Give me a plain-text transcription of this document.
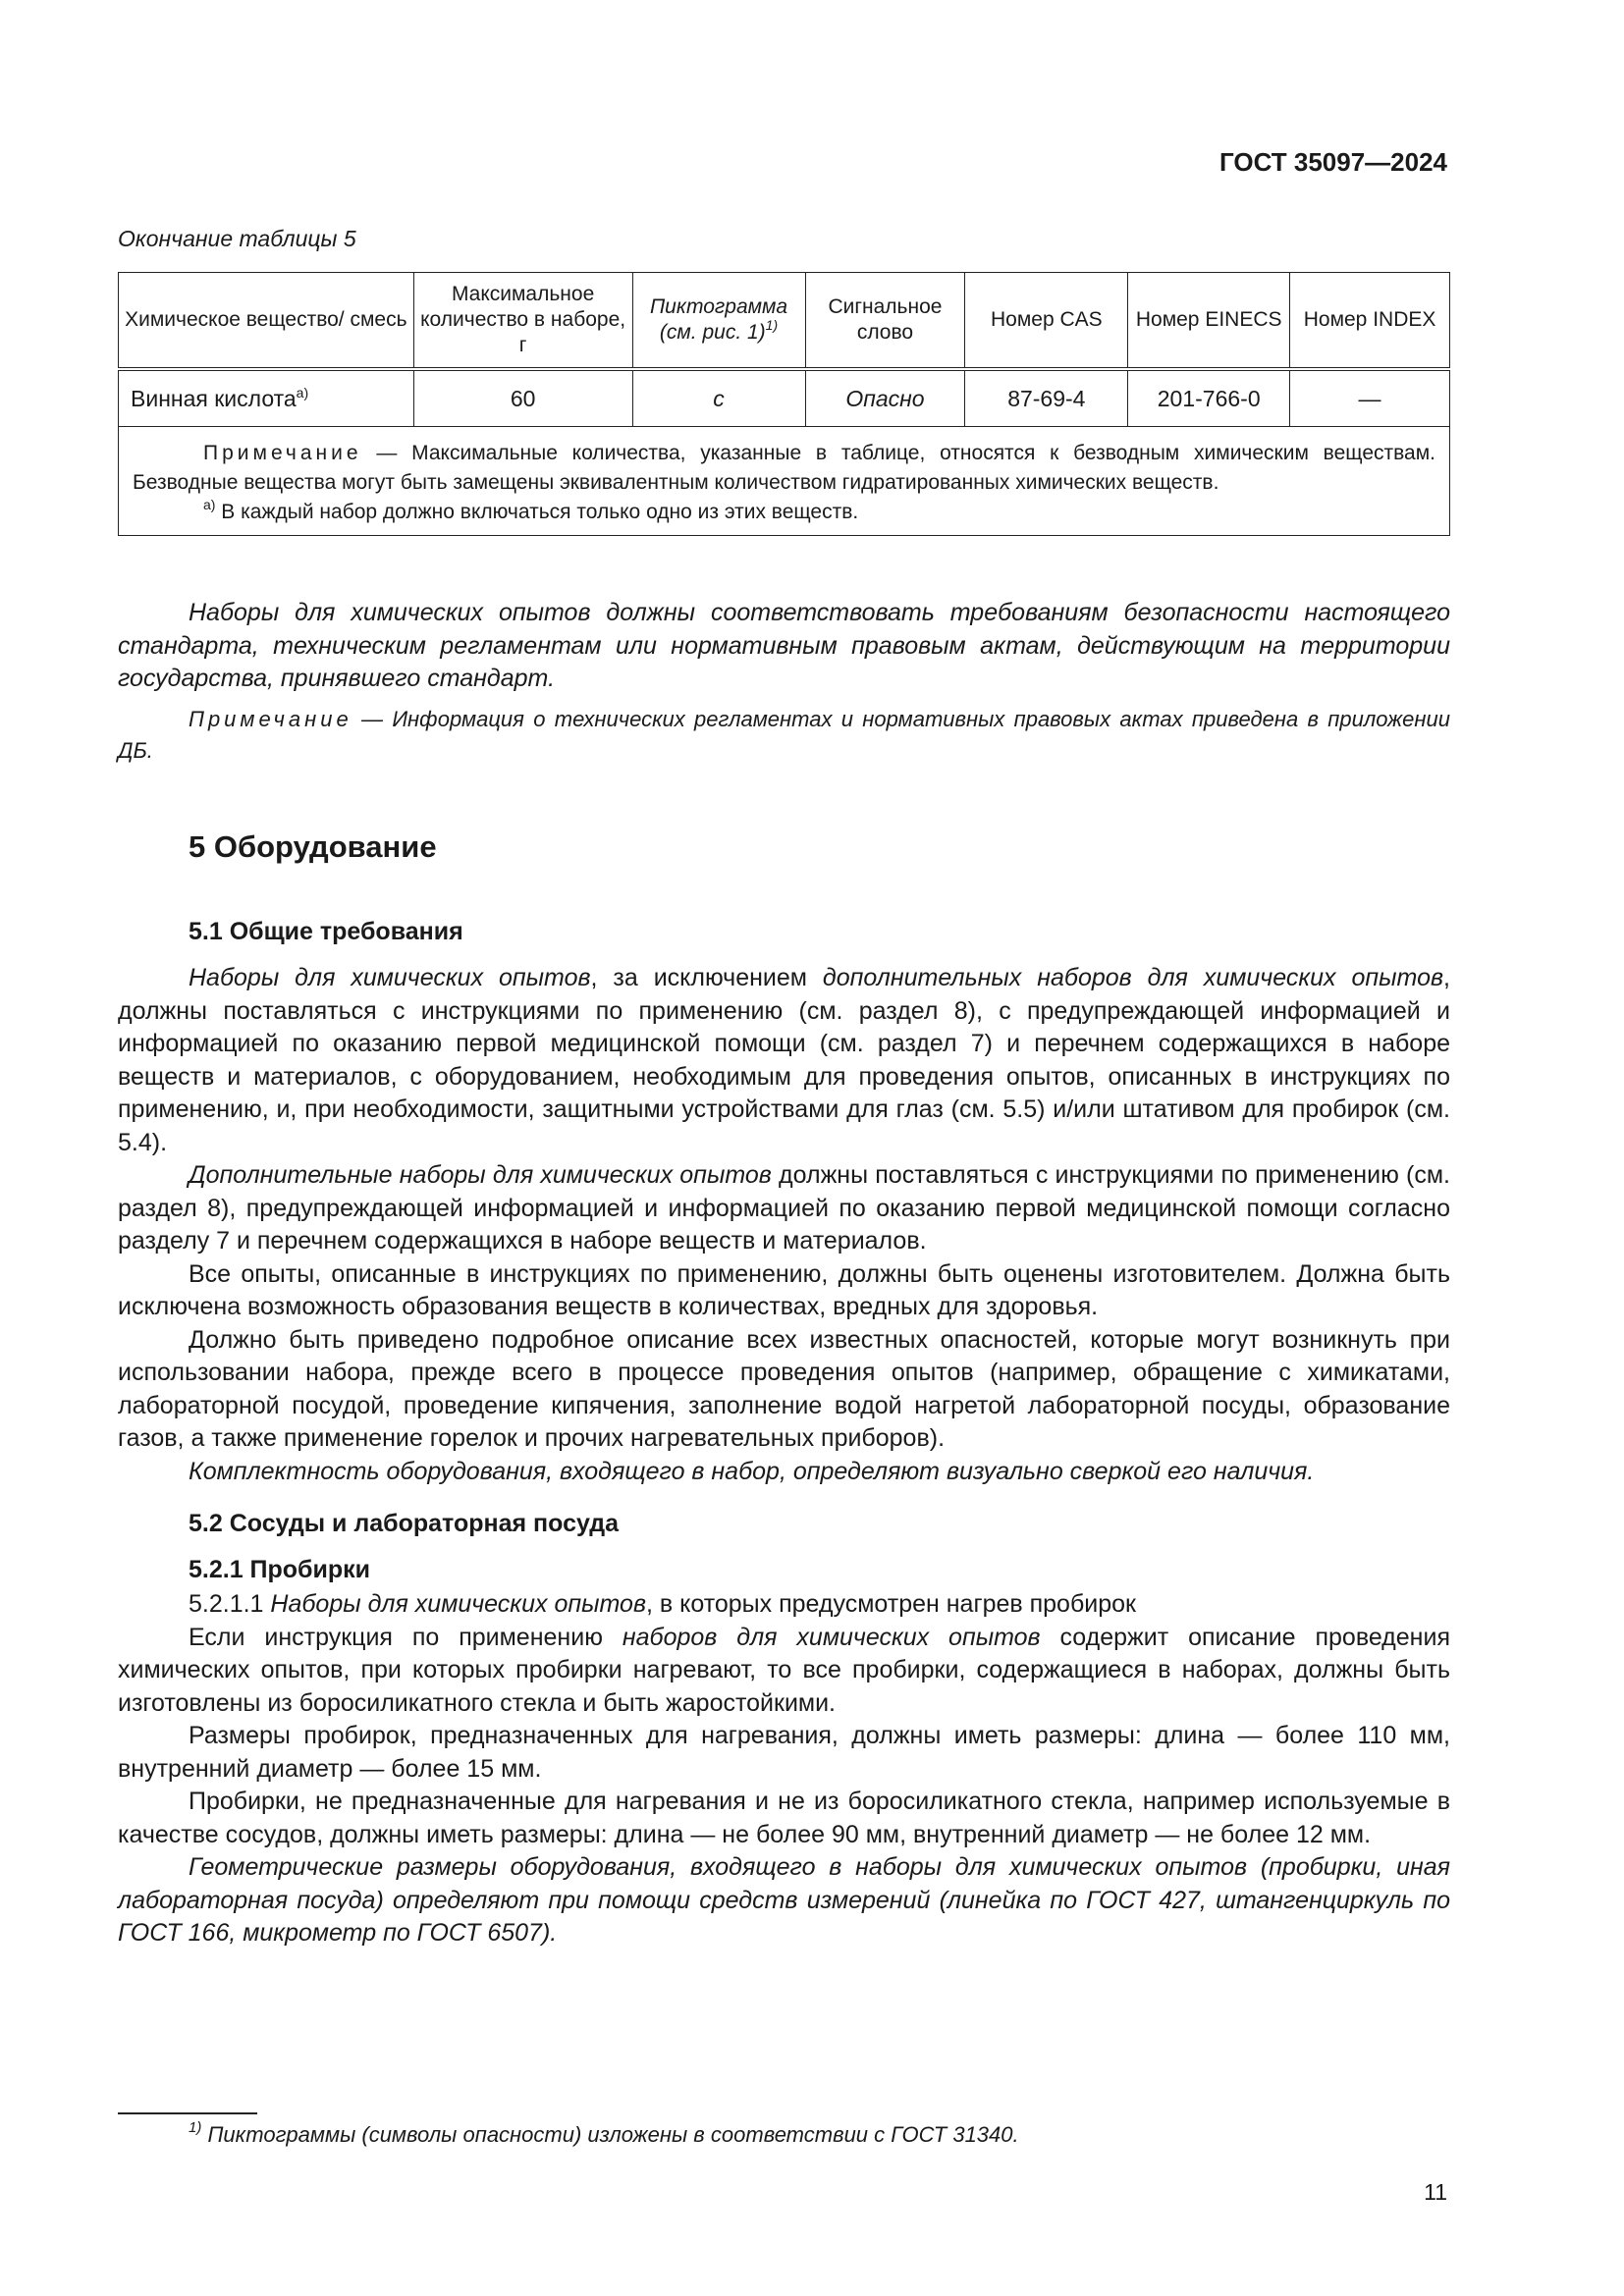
ГОСТ 35097—2024
Окончание таблицы 5
Химическое вещество/ смесь	Максимальное количество в наборе, г	Пиктограмма (см. рис. 1)$^{1)}$	Сигнальное слово	Номер CAS	Номер EINECS	Номер INDEX
Винная кислота$^{а)}$	60	c	Опасно	87-69-4	201-766-0	—

Примечание — Максимальные количества, указанные в таблице, относятся к безводным химическим веществам. Безводные вещества могут быть замещены эквивалентным количеством гидратированных химических веществ.
$^{а)}$ В каждый набор должно включаться только одно из этих веществ.						

Наборы для химических опытов должны соответствовать требованиям безопасности настоящего стандарта, техническим регламентам или нормативным правовым актам, действующим на территории государства, принявшего стандарт.

Примечание — Информация о технических регламентах и нормативных правовых актах приведена в приложении ДБ.

5 Оборудование
5.1 Общие требования

Наборы для химических опытов, за исключением дополнительных наборов для химических опытов, должны поставляться с инструкциями по применению (см. раздел 8), с предупреждающей информацией и информацией по оказанию первой медицинской помощи (см. раздел 7) и перечнем содержащихся в наборе веществ и материалов, с оборудованием, необходимым для проведения опытов, описанных в инструкциях по применению, и, при необходимости, защитными устройствами для глаз (см. 5.5) и/или штативом для пробирок (см. 5.4).

Дополнительные наборы для химических опытов должны поставляться с инструкциями по применению (см. раздел 8), предупреждающей информацией и информацией по оказанию первой медицинской помощи согласно разделу 7 и перечнем содержащихся в наборе веществ и материалов.

Все опыты, описанные в инструкциях по применению, должны быть оценены изготовителем. Должна быть исключена возможность образования веществ в количествах, вредных для здоровья.

Должно быть приведено подробное описание всех известных опасностей, которые могут возникнуть при использовании набора, прежде всего в процессе проведения опытов (например, обращение с химикатами, лабораторной посудой, проведение кипячения, заполнение водой нагретой лабораторной посуды, образование газов, а также применение горелок и прочих нагревательных приборов).

Комплектность оборудования, входящего в набор, определяют визуально сверкой его наличия.

5.2 Сосуды и лабораторная посуда
5.2.1 Пробирки

5.2.1.1 Наборы для химических опытов, в которых предусмотрен нагрев пробирок

Если инструкция по применению наборов для химических опытов содержит описание проведения химических опытов, при которых пробирки нагревают, то все пробирки, содержащиеся в наборах, должны быть изготовлены из боросиликатного стекла и быть жаростойкими.

Размеры пробирок, предназначенных для нагревания, должны иметь размеры: длина — более 110 мм, внутренний диаметр — более 15 мм.

Пробирки, не предназначенные для нагревания и не из боросиликатного стекла, например используемые в качестве сосудов, должны иметь размеры: длина — не более 90 мм, внутренний диаметр — не более 12 мм.

Геометрические размеры оборудования, входящего в наборы для химических опытов (пробирки, иная лабораторная посуда) определяют при помощи средств измерений (линейка по ГОСТ 427, штангенциркуль по ГОСТ 166, микрометр по ГОСТ 6507).

$^{1)}$ Пиктограммы (символы опасности) изложены в соответствии с ГОСТ 31340.
11
